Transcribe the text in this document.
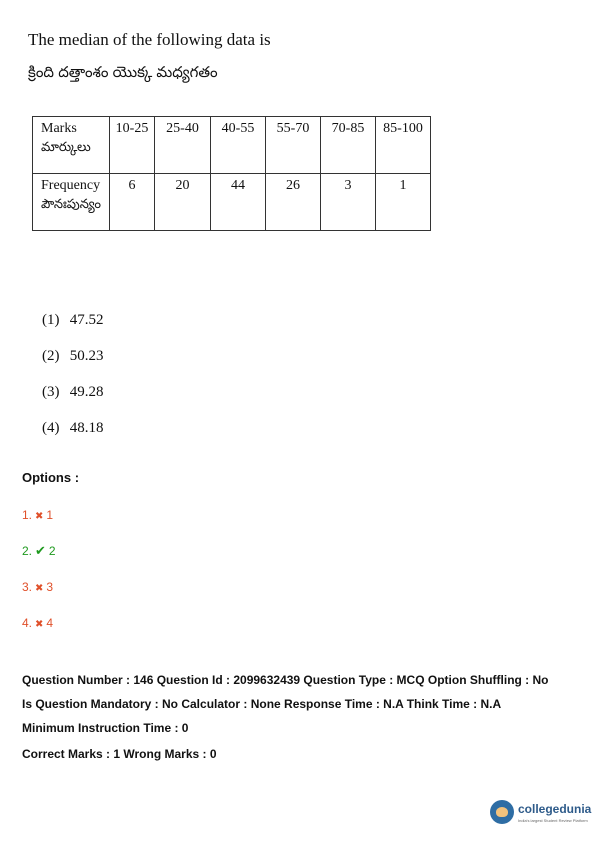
The median of the following data is
క్రింది దత్తాంశం యొక్క మధ్యగతం
Marks
మార్కులు	10-25	25-40	40-55	55-70	70-85	85-100

Frequency
పౌనఃపున్యం	6	20	44	26	3	1
(1) 47.52
(2) 50.23
(3) 49.28
(4) 48.18
Options :
1. ✖ 1
2. ✔ 2
3. ✖ 3
4. ✖ 4
Question Number : 146 Question Id : 2099632439 Question Type : MCQ Option Shuffling : No
Is Question Mandatory : No Calculator : None Response Time : N.A Think Time : N.A
Minimum Instruction Time : 0
Correct Marks : 1 Wrong Marks : 0
collegedunia
India's largest Student Review Platform
